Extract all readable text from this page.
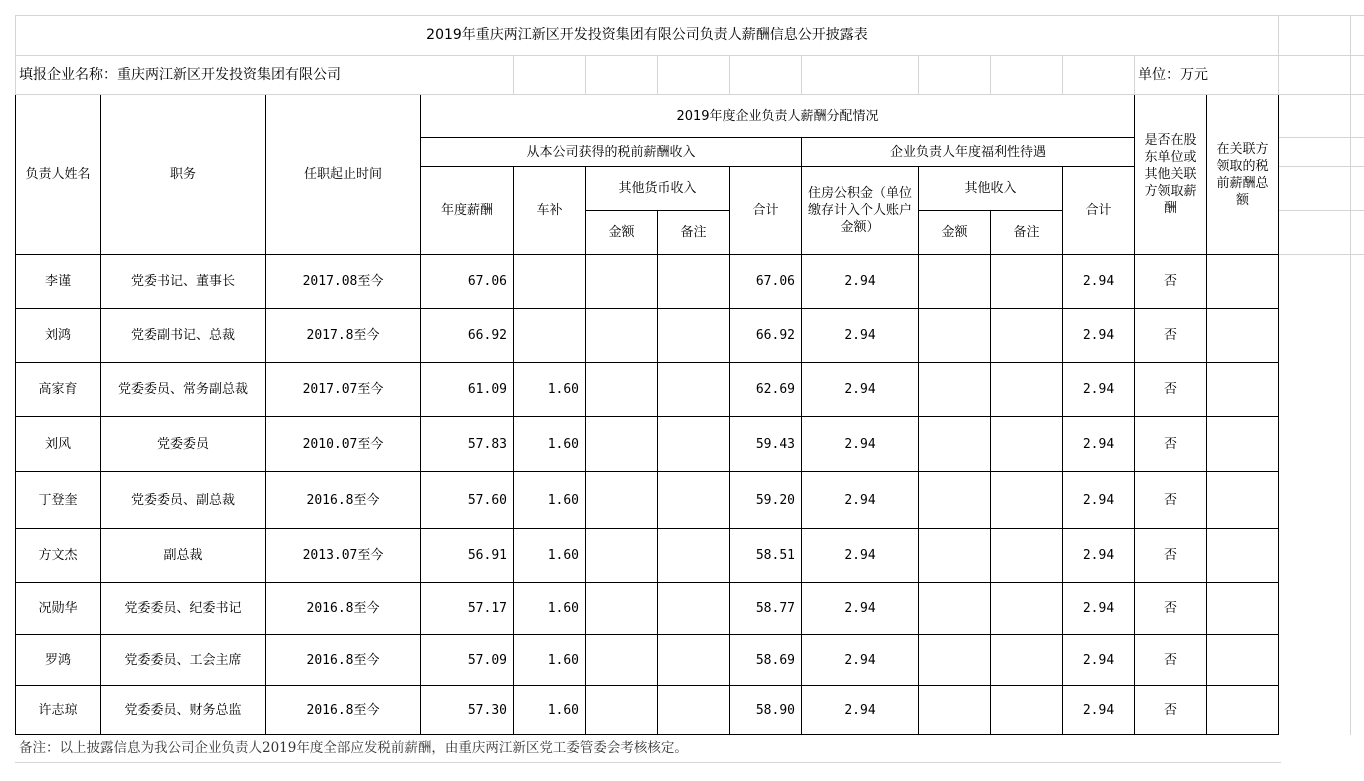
2019年重庆两江新区开发投资集团有限公司负责人薪酬信息公开披露表													
填报企业名称：重庆两江新区开发投资集团有限公司												单位：万元	
负责人姓名	职务	任职起止时间	2019年度企业负责人薪酬分配情况									是否在股东单位或其他关联方领取薪酬	在关联方领取的税前薪酬总额
			从本公司获得的税前薪酬收入					企业负责人年度福利性待遇					
			年度薪酬	车补	其他货币收入		合计	住房公积金（单位缴存计入个人账户金额）	其他收入		合计		
					金额	备注			金额	备注			
李谨	党委书记、董事长	2017.08至今	67.06				67.06	2.94			2.94	否	
刘鸿	党委副书记、总裁	2017.8至今	66.92				66.92	2.94			2.94	否	
高家育	党委委员、常务副总裁	2017.07至今	61.09	1.60			62.69	2.94			2.94	否	
刘风	党委委员	2010.07至今	57.83	1.60			59.43	2.94			2.94	否	
丁登奎	党委委员、副总裁	2016.8至今	57.60	1.60			59.20	2.94			2.94	否	
方文杰	副总裁	2013.07至今	56.91	1.60			58.51	2.94			2.94	否	
况勋华	党委委员、纪委书记	2016.8至今	57.17	1.60			58.77	2.94			2.94	否	
罗鸿	党委委员、工会主席	2016.8至今	57.09	1.60			58.69	2.94			2.94	否	
许志琼	党委委员、财务总监	2016.8至今	57.30	1.60			58.90	2.94			2.94	否	
备注：以上披露信息为我公司企业负责人2019年度全部应发税前薪酬，由重庆两江新区党工委管委会考核核定。
